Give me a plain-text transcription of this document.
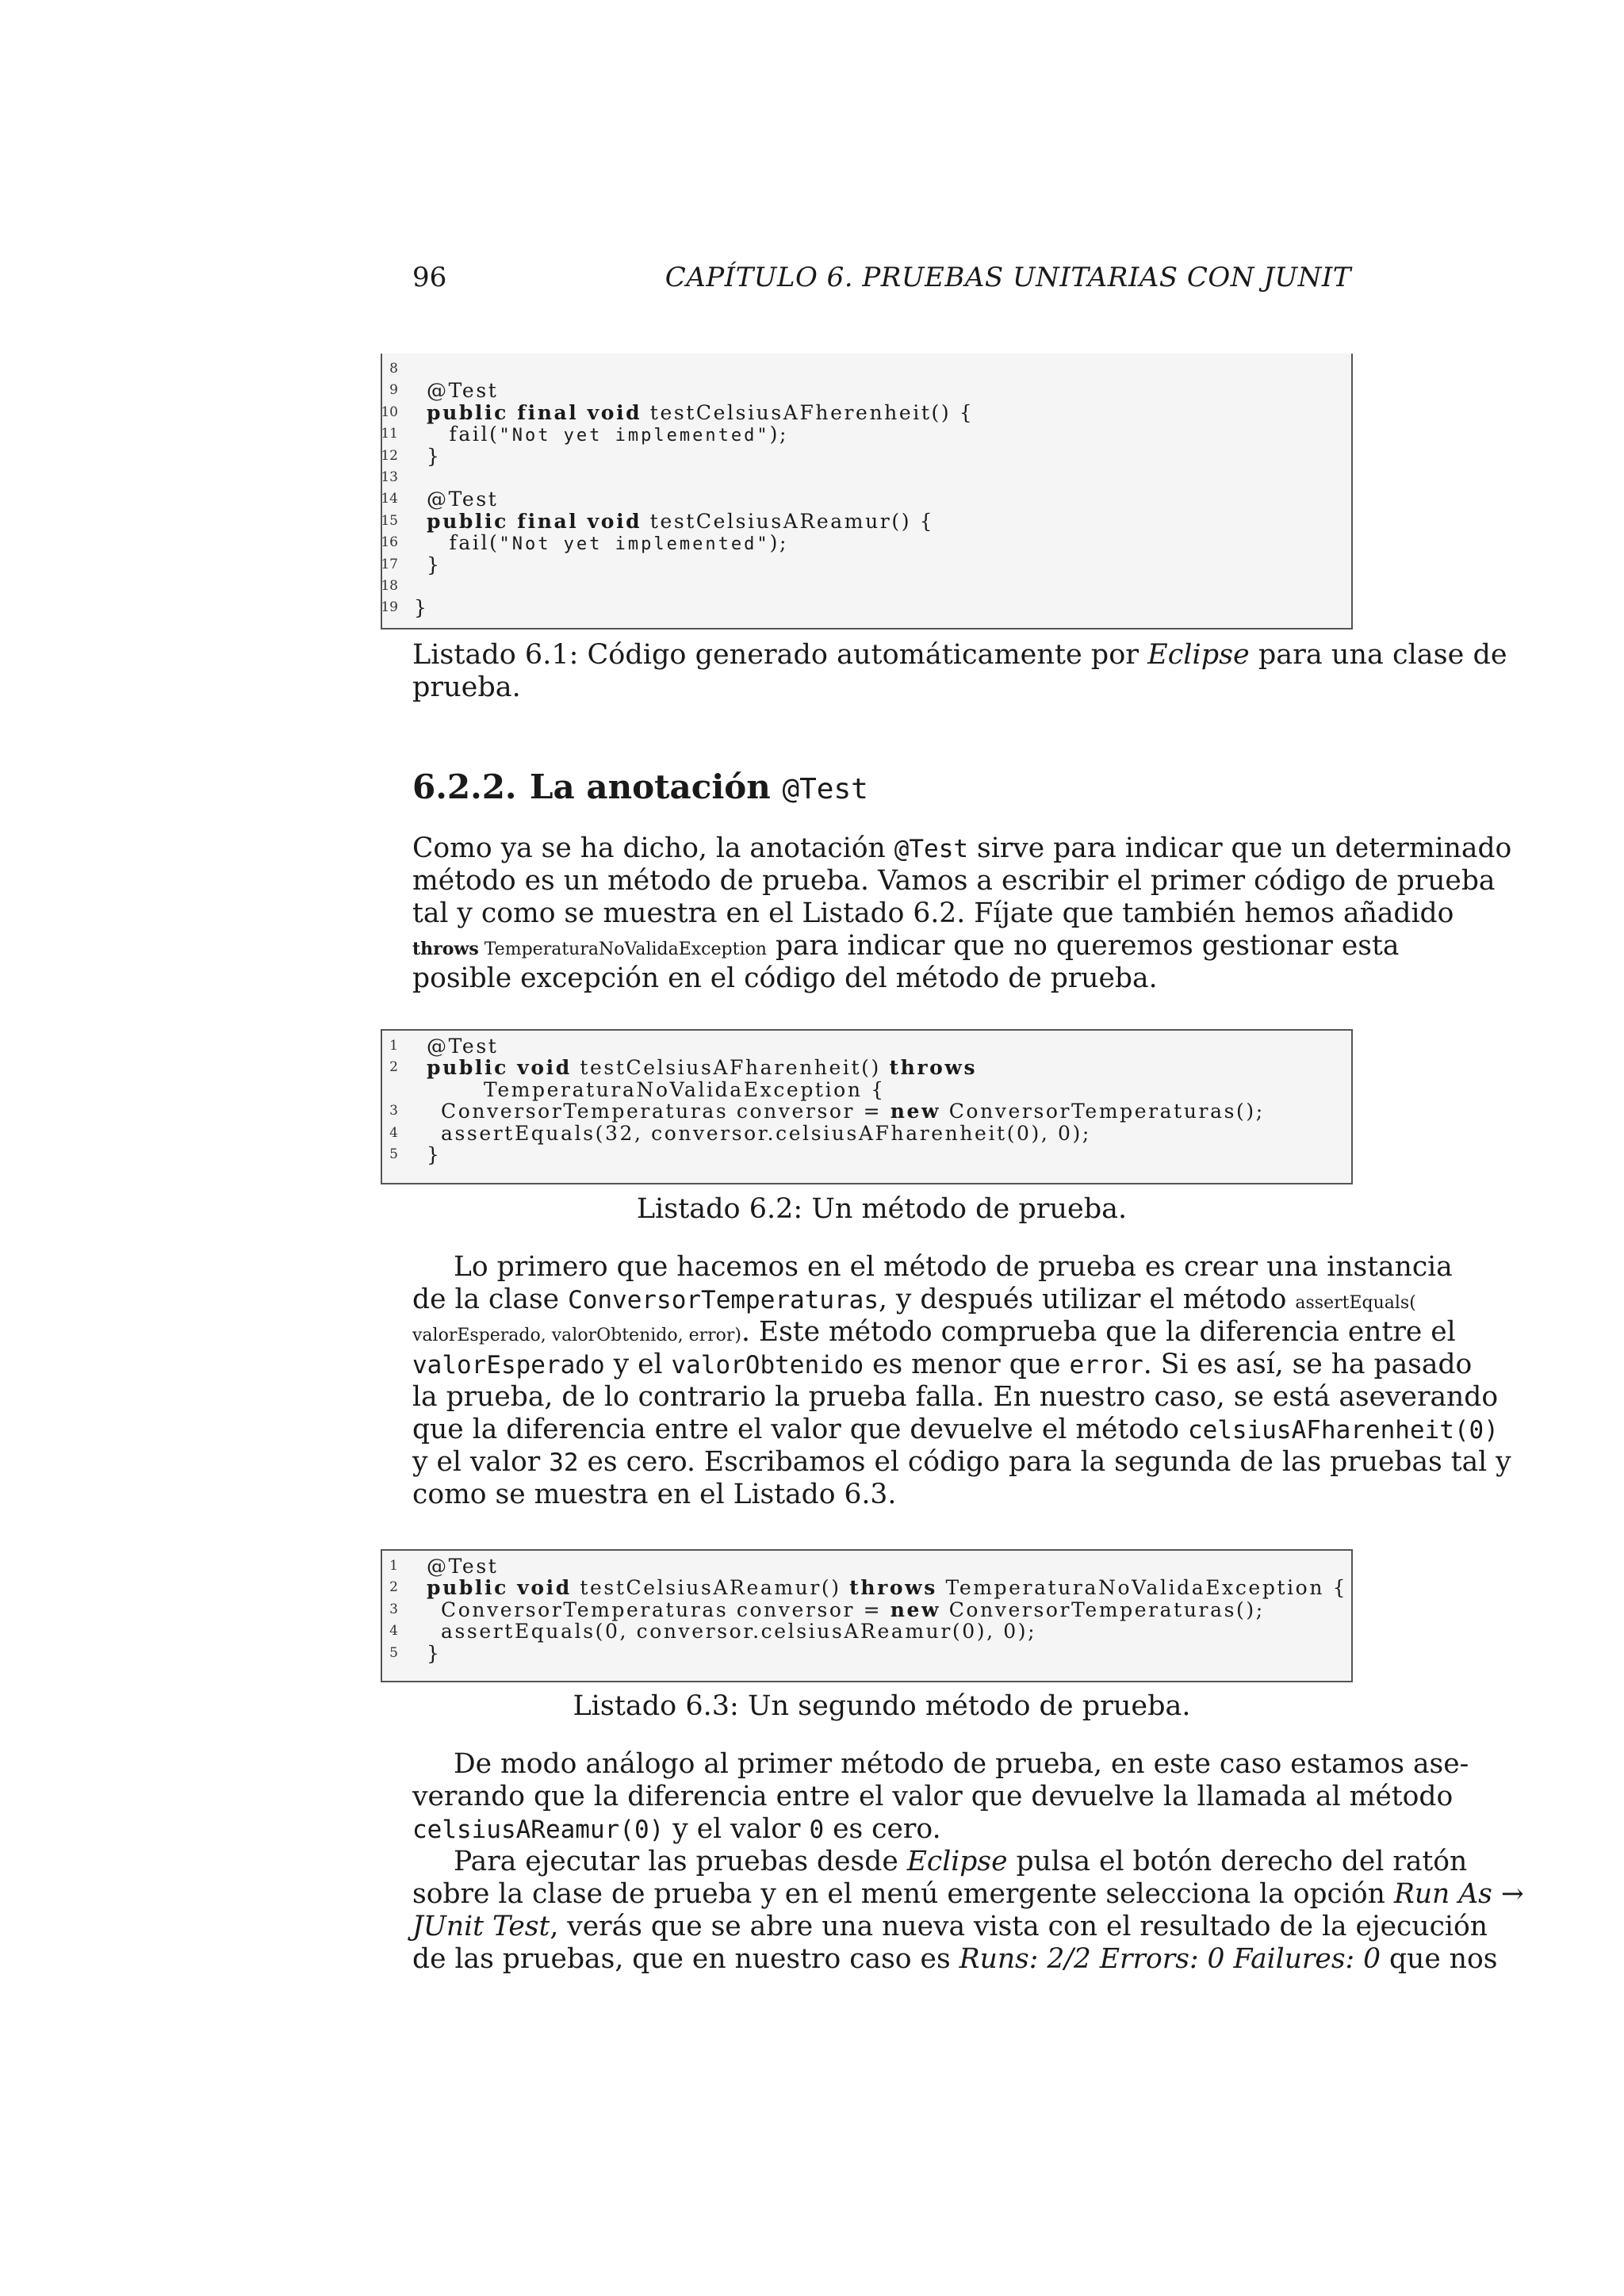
96	CAPÍTULO 6. PRUEBAS UNITARIAS CON JUNIT
8
9 @Test
10 public final void testCelsiusAFherenheit() {
11 fail("Not yet implemented");
12 }
13
14 @Test
15 public final void testCelsiusAReamur() {
16 fail("Not yet implemented");
17 }
18
19 }
Listado 6.1: Código generado automáticamente por Eclipse para una clase de
prueba.
6.2.2. La anotación @Test
Como ya se ha dicho, la anotación @Test sirve para indicar que un determinado
método es un método de prueba. Vamos a escribir el primer código de prueba
tal y como se muestra en el Listado 6.2. Fíjate que también hemos añadido
throws TemperaturaNoValidaException para indicar que no queremos gestionar esta
posible excepción en el código del método de prueba.
1 @Test
2 public void testCelsiusAFharenheit() throws
TemperaturaNoValidaException {
3 ConversorTemperaturas conversor = new ConversorTemperaturas();
4 assertEquals(32, conversor.celsiusAFharenheit(0), 0);
5 }
Listado 6.2: Un método de prueba.
Lo primero que hacemos en el método de prueba es crear una instancia
de la clase ConversorTemperaturas, y después utilizar el método assertEquals(
valorEsperado, valorObtenido, error). Este método comprueba que la diferencia entre el
valorEsperado y el valorObtenido es menor que error. Si es así, se ha pasado
la prueba, de lo contrario la prueba falla. En nuestro caso, se está aseverando
que la diferencia entre el valor que devuelve el método celsiusAFharenheit(0)
y el valor 32 es cero. Escribamos el código para la segunda de las pruebas tal y
como se muestra en el Listado 6.3.
1 @Test
2 public void testCelsiusAReamur() throws TemperaturaNoValidaException {
3 ConversorTemperaturas conversor = new ConversorTemperaturas();
4 assertEquals(0, conversor.celsiusAReamur(0), 0);
5 }
Listado 6.3: Un segundo método de prueba.
De modo análogo al primer método de prueba, en este caso estamos ase-
verando que la diferencia entre el valor que devuelve la llamada al método
celsiusAReamur(0) y el valor 0 es cero.
Para ejecutar las pruebas desde Eclipse pulsa el botón derecho del ratón
sobre la clase de prueba y en el menú emergente selecciona la opción Run As →
JUnit Test, verás que se abre una nueva vista con el resultado de la ejecución
de las pruebas, que en nuestro caso es Runs: 2/2 Errors: 0 Failures: 0 que nos
